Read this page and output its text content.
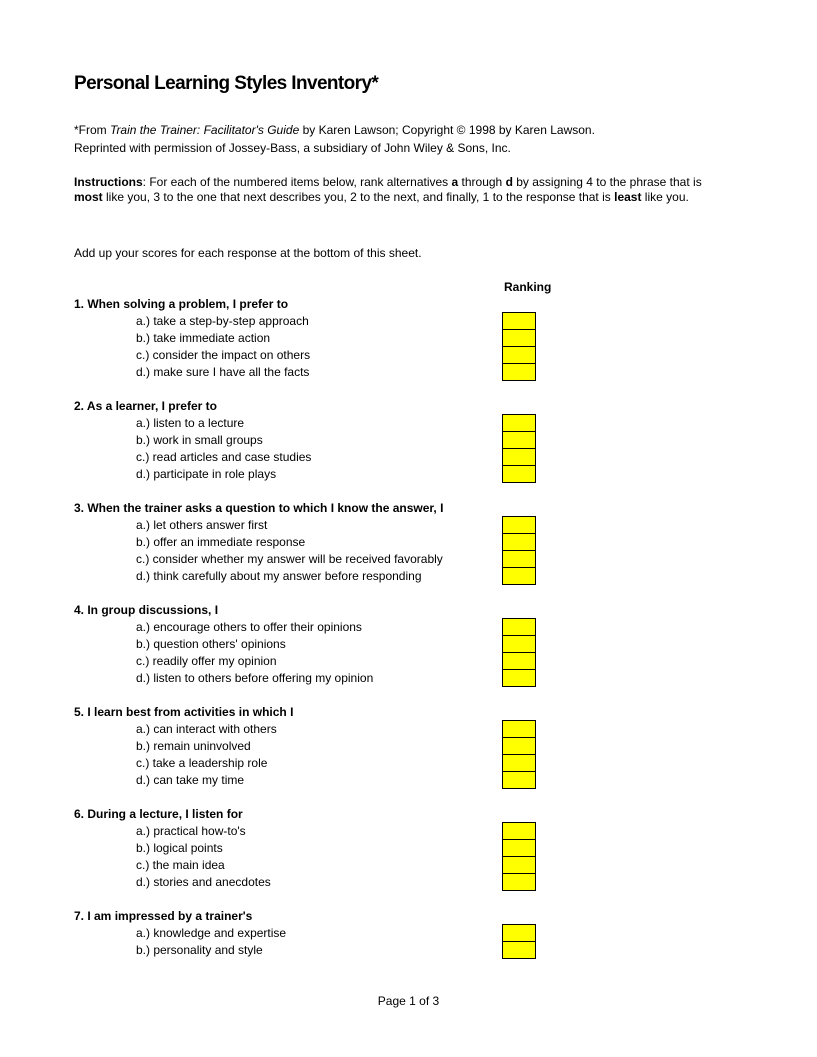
Personal Learning Styles Inventory*
*From Train the Trainer: Facilitator's Guide by Karen Lawson; Copyright © 1998 by Karen Lawson.
Reprinted with permission of Jossey-Bass, a subsidiary of John Wiley & Sons, Inc.
Instructions: For each of the numbered items below, rank alternatives a through d by assigning 4 to the phrase that is most like you, 3 to the one that next describes you, 2 to the next, and finally, 1 to the response that is least like you.
Add up your scores for each response at the bottom of this sheet.
Ranking
1. When solving a problem, I prefer to
a.) take a step-by-step approach
b.) take immediate action
c.) consider the impact on others
d.) make sure I have all the facts
2. As a learner, I prefer to
a.) listen to a lecture
b.) work in small groups
c.) read articles and case studies
d.) participate in role plays
3. When the trainer asks a question to which I know the answer, I
a.) let others answer first
b.) offer an immediate response
c.) consider whether my answer will be received favorably
d.) think carefully about my answer before responding
4. In group discussions, I
a.) encourage others to offer their opinions
b.) question others' opinions
c.) readily offer my opinion
d.) listen to others before offering my opinion
5. I learn best from activities in which I
a.) can interact with others
b.) remain uninvolved
c.) take a leadership role
d.) can take my time
6. During a lecture, I listen for
a.) practical how-to's
b.) logical points
c.) the main idea
d.) stories and anecdotes
7. I am impressed by a trainer's
a.) knowledge and expertise
b.) personality and style
Page 1 of 3
